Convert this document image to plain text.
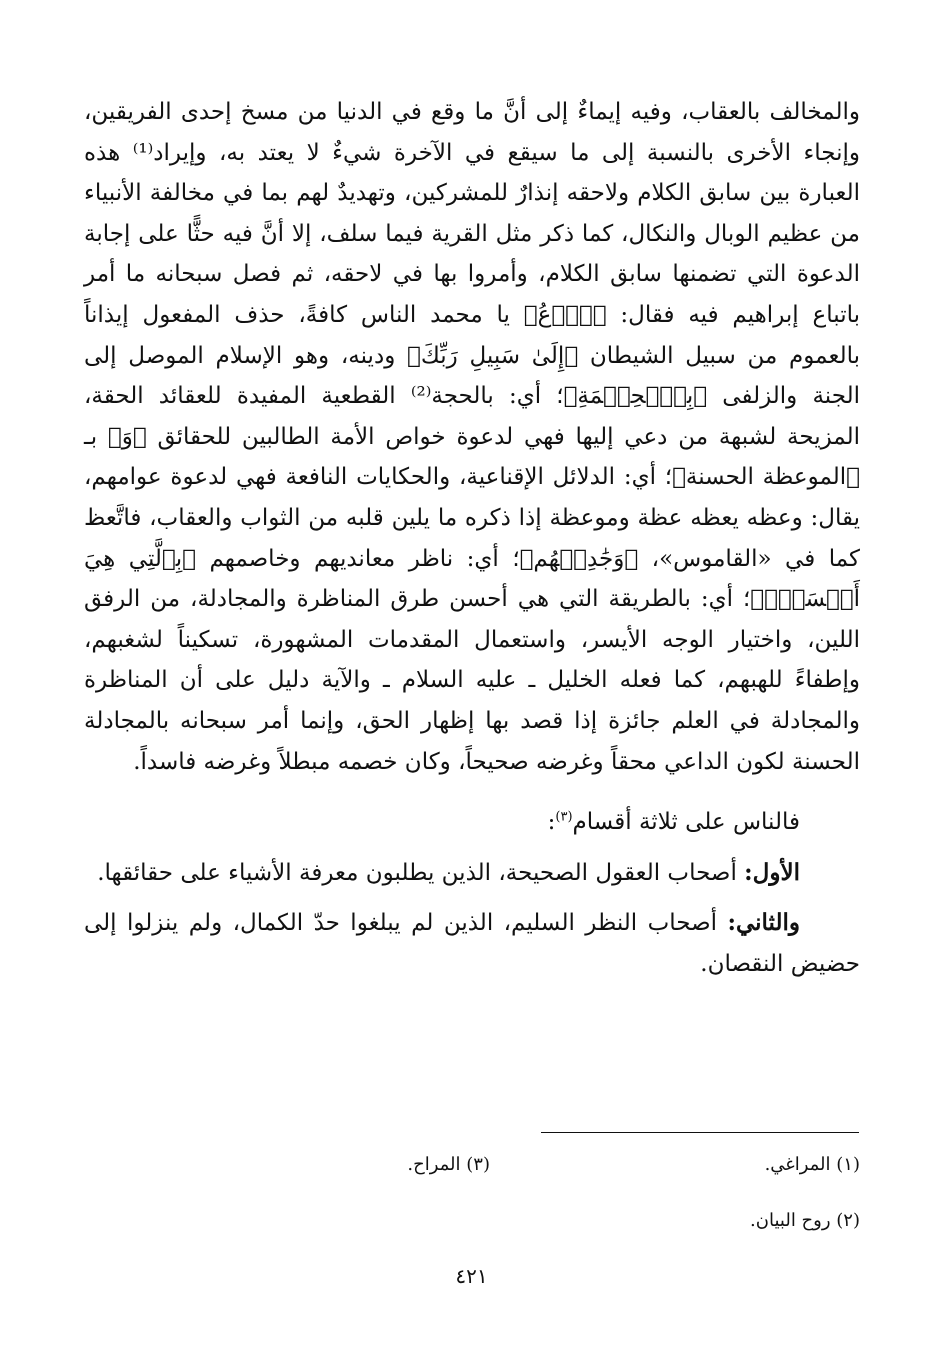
والمخالف بالعقاب، وفيه إيماءٌ إلى أنَّ ما وقع في الدنيا من مسخ إحدى الفريقين، وإنجاء الأخرى بالنسبة إلى ما سيقع في الآخرة شيءٌ لا يعتد به، وإيراد⁽¹⁾ هذه العبارة بين سابق الكلام ولاحقه إنذارٌ للمشركين، وتهديدٌ لهم بما في مخالفة الأنبياء من عظيم الوبال والنكال، كما ذكر مثل القرية فيما سلف، إلا أنَّ فيه حثًّا على إجابة الدعوة التي تضمنها سابق الكلام، وأمروا بها في لاحقه، ثم فصل سبحانه ما أمر باتباع إبراهيم فيه فقال: ﴿ٱدۡعُ﴾ يا محمد الناس كافةً، حذف المفعول إيذاناً بالعموم من سبيل الشيطان ﴿إِلَىٰ سَبِيلِ رَبِّكَ﴾ ودينه، وهو الإسلام الموصل إلى الجنة والزلفى ﴿بِٱلۡحِكۡمَةِ﴾؛ أي: بالحجة⁽²⁾ القطعية المفيدة للعقائد الحقة، المزيحة لشبهة من دعي إليها فهي لدعوة خواص الأمة الطالبين للحقائق ﴿وَ﴾ بـ ﴿الموعظة الحسنة﴾؛ أي: الدلائل الإقناعية، والحكايات النافعة فهي لدعوة عوامهم، يقال: وعظه يعظه عظة وموعظة إذا ذكره ما يلين قلبه من الثواب والعقاب، فاتَّعظ كما في «القاموس»، ﴿وَجَٰدِلۡهُم﴾؛ أي: ناظر معانديهم وخاصمهم ﴿بِٱلَّتِي هِيَ أَحۡسَنُۚ﴾؛ أي: بالطريقة التي هي أحسن طرق المناظرة والمجادلة، من الرفق اللين، واختيار الوجه الأيسر، واستعمال المقدمات المشهورة، تسكيناً لشغبهم، وإطفاءً للهبهم، كما فعله الخليل ـ عليه السلام ـ والآية دليل على أن المناظرة والمجادلة في العلم جائزة إذا قصد بها إظهار الحق، وإنما أمر سبحانه بالمجادلة الحسنة لكون الداعي محقاً وغرضه صحيحاً، وكان خصمه مبطلاً وغرضه فاسداً.

فالناس على ثلاثة أقسام$^{(٣)}$:

الأول: أصحاب العقول الصحيحة، الذين يطلبون معرفة الأشياء على حقائقها.

والثاني: أصحاب النظر السليم، الذين لم يبلغوا حدّ الكمال، ولم ينزلوا إلى حضيض النقصان.

(١) المراغي.
(٣) المراح.
(٢) روح البيان.
٤٢١
